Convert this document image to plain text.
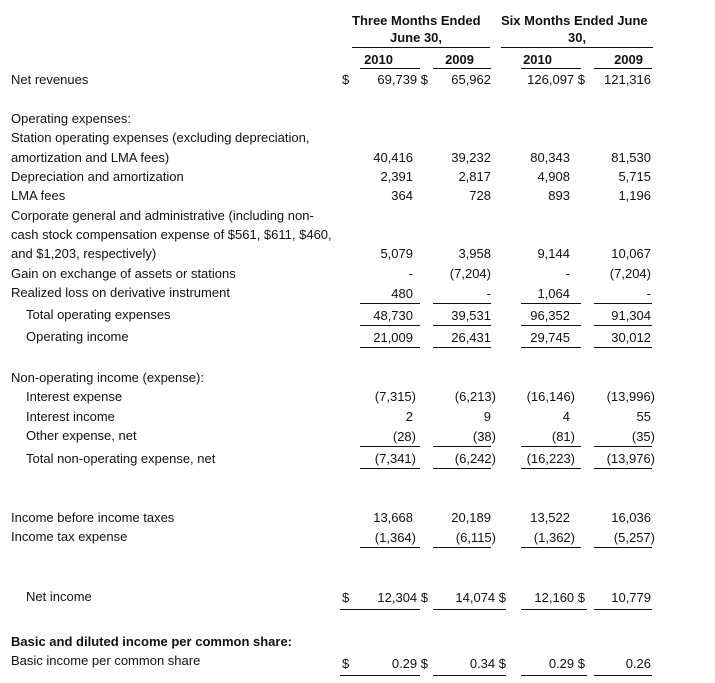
Three Months Ended
June 30,
Six Months Ended June
30,
2010	2009	2010	2009
Net revenues	$ 69,739 $ 65,962	126,097 $ 121,316
Operating expenses:
Station operating expenses (excluding depreciation,
amortization and LMA fees)	40,416	39,232	80,343	81,530
Depreciation and amortization	2,391	2,817	4,908	5,715
LMA fees	364	728	893	1,196
Corporate general and administrative (including non-
cash stock compensation expense of $561, $611, $460,
and $1,203, respectively)	5,079	3,958	9,144	10,067
Gain on exchange of assets or stations	-	(7,204)	-	(7,204)
Realized loss on derivative instrument	480	-	1,064	-
Total operating expenses	48,730	39,531	96,352	91,304
Operating income	21,009	26,431	29,745	30,012
Non-operating income (expense):
Interest expense	(7,315)	(6,213) (16,146) (13,996)
Interest income	2	9	4	55
Other expense, net	(28)	(38)	(81)	(35)
Total non-operating expense, net	(7,341)	(6,242) (16,223) (13,976)
Income before income taxes	13,668	20,189	13,522	16,036
Income tax expense	(1,364)	(6,115)	(1,362)	(5,257)
Net income	$ 12,304 $ 14,074 $ 12,160 $ 10,779
Basic and diluted income per common share:
Basic income per common share	$	0.29 $	0.34 $	0.29 $	0.26
